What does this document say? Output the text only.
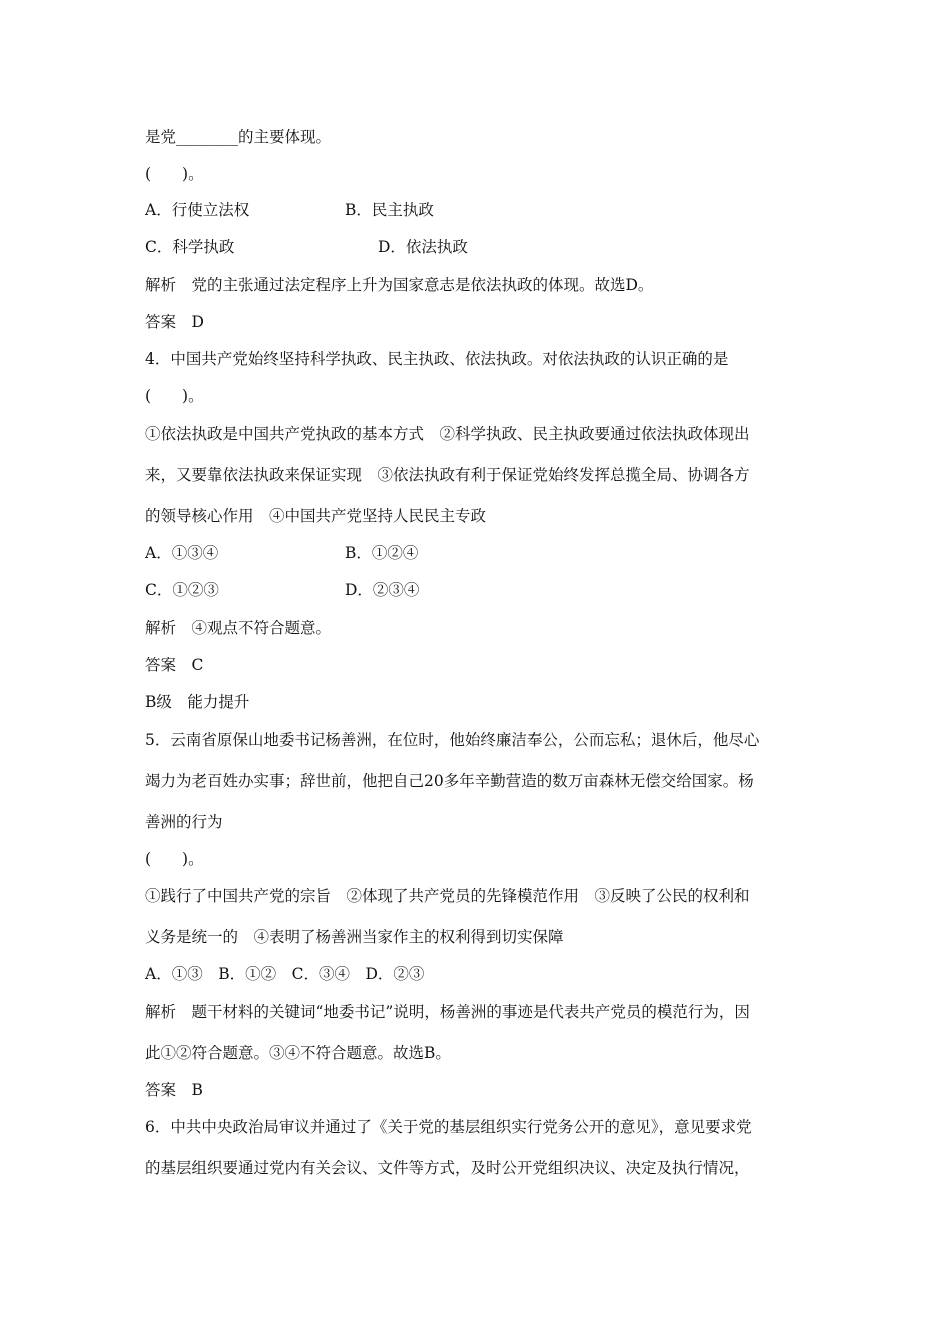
是党________的主要体现。
(　　)。
A．行使立法权	B．民主执政
C．科学执政	D．依法执政
解析　党的主张通过法定程序上升为国家意志是依法执政的体现。故选D。
答案　D
4．中国共产党始终坚持科学执政、民主执政、依法执政。对依法执政的认识正确的是
(　　)。
①依法执政是中国共产党执政的基本方式　②科学执政、民主执政要通过依法执政体现出
来，又要靠依法执政来保证实现　③依法执政有利于保证党始终发挥总揽全局、协调各方
的领导核心作用　④中国共产党坚持人民民主专政
A．①③④	B．①②④
C．①②③	D．②③④
解析　④观点不符合题意。
答案　C
B级　能力提升
5．云南省原保山地委书记杨善洲，在位时，他始终廉洁奉公，公而忘私；退休后，他尽心
竭力为老百姓办实事；辞世前，他把自己20多年辛勤营造的数万亩森林无偿交给国家。杨
善洲的行为
(　　)。
①践行了中国共产党的宗旨　②体现了共产党员的先锋模范作用　③反映了公民的权利和
义务是统一的　④表明了杨善洲当家作主的权利得到切实保障
A．①③　B．①②　C．③④　D．②③
解析　题干材料的关键词“地委书记”说明，杨善洲的事迹是代表共产党员的模范行为，因
此①②符合题意。③④不符合题意。故选B。
答案　B
6．中共中央政治局审议并通过了《关于党的基层组织实行党务公开的意见》，意见要求党
的基层组织要通过党内有关会议、文件等方式，及时公开党组织决议、决定及执行情况，
